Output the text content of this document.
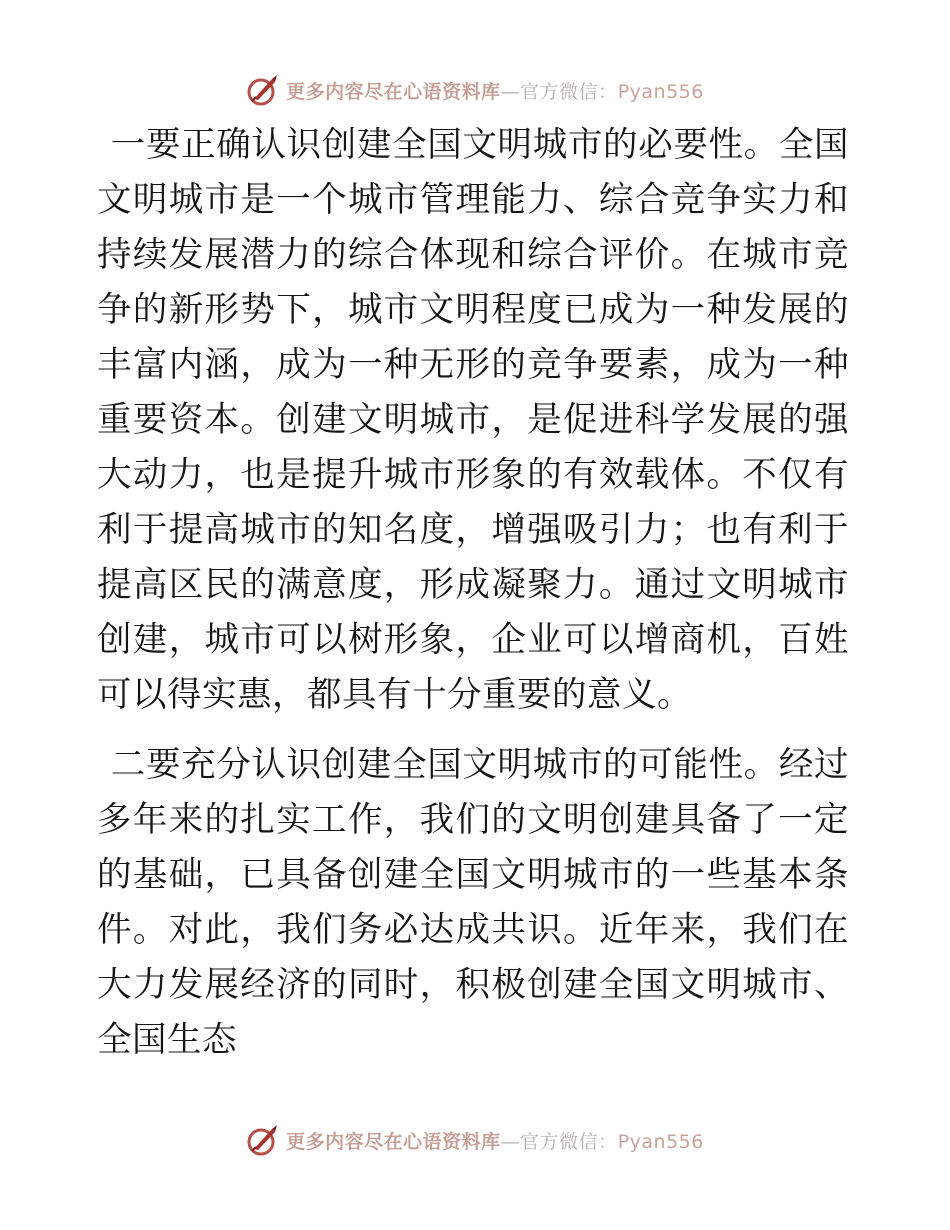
更多内容尽在心语资料库—官方微信：Pyan556

一要正确认识创建全国文明城市的必要性。全国文明城市是一个城市管理能力、综合竞争实力和持续发展潜力的综合体现和综合评价。在城市竞争的新形势下，城市文明程度已成为一种发展的丰富内涵，成为一种无形的竞争要素，成为一种重要资本。创建文明城市，是促进科学发展的强大动力，也是提升城市形象的有效载体。不仅有利于提高城市的知名度，增强吸引力；也有利于提高区民的满意度，形成凝聚力。通过文明城市创建，城市可以树形象，企业可以增商机，百姓可以得实惠，都具有十分重要的意义。

二要充分认识创建全国文明城市的可能性。经过多年来的扎实工作，我们的文明创建具备了一定的基础，已具备创建全国文明城市的一些基本条件。对此，我们务必达成共识。近年来，我们在大力发展经济的同时，积极创建全国文明城市、全国生态

更多内容尽在心语资料库—官方微信：Pyan556
